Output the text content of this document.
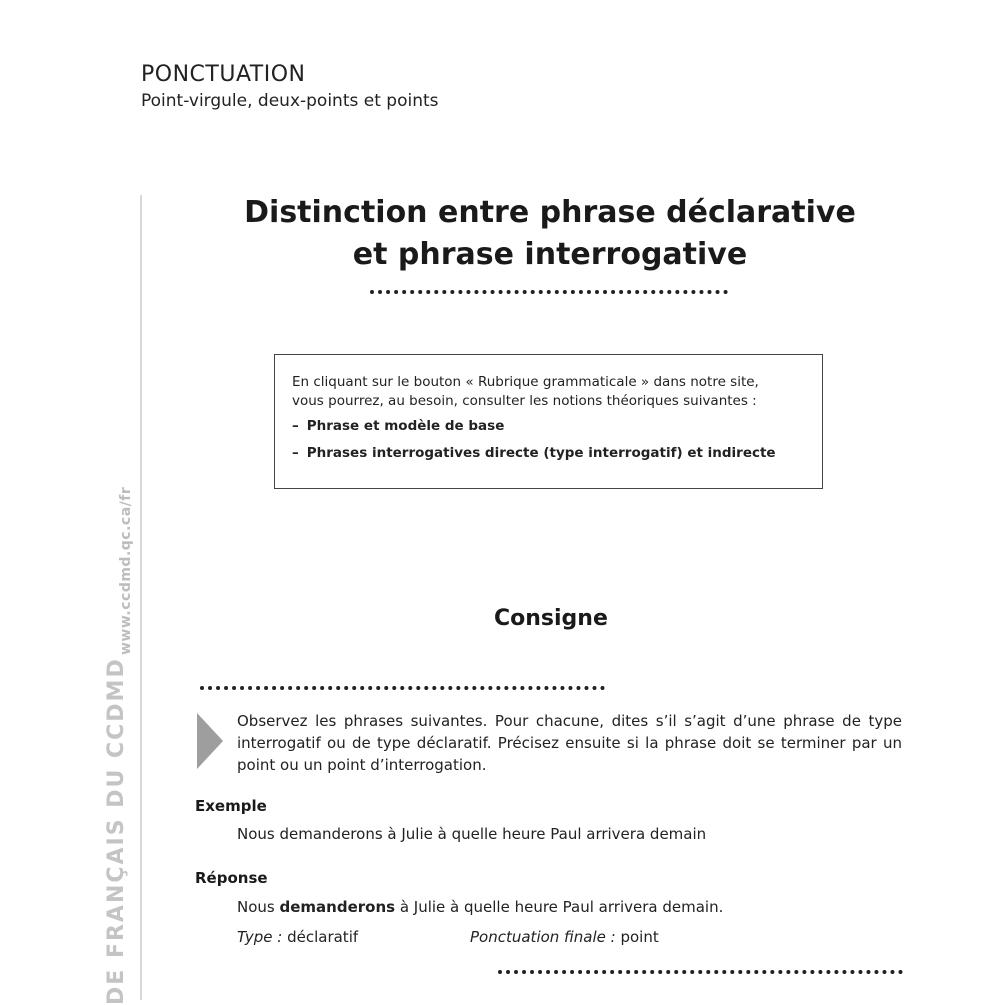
PONCTUATION
Point-virgule, deux-points et points
www.ccdmd.qc.ca/fr
DE FRANÇAIS DU CCDMD
Distinction entre phrase déclarative
et phrase interrogative
En cliquant sur le bouton « Rubrique grammaticale » dans notre site,
vous pourrez, au besoin, consulter les notions théoriques suivantes :
– Phrase et modèle de base
– Phrases interrogatives directe (type interrogatif) et indirecte
Consigne
Observez les phrases suivantes. Pour chacune, dites s’il s’agit d’une phrase de type interrogatif ou de type déclaratif. Précisez ensuite si la phrase doit se terminer par un point ou un point d’interrogation.
Exemple
Nous demanderons à Julie à quelle heure Paul arrivera demain
Réponse
Nous demanderons à Julie à quelle heure Paul arrivera demain.
Type : déclaratif	Ponctuation finale : point
